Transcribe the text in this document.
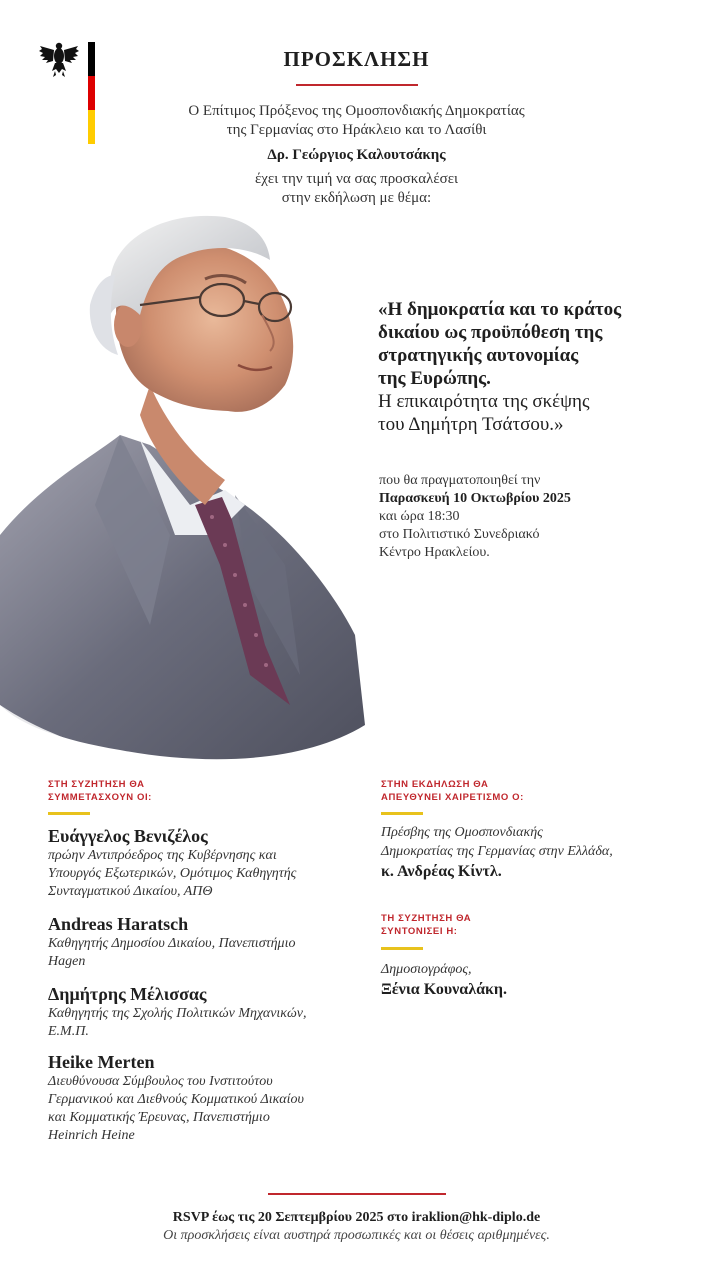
ΠΡΟΣΚΛΗΣΗ
Ο Επίτιμος Πρόξενος της Ομοσπονδιακής Δημοκρατίας
της Γερμανίας στο Ηράκλειο και το Λασίθι
Δρ. Γεώργιος Καλουτσάκης
έχει την τιμή να σας προσκαλέσει
στην εκδήλωση με θέμα:
«Η δημοκρατία και το κράτος
δικαίου ως προϋπόθεση της
στρατηγικής αυτονομίας
της Ευρώπης.
Η επικαιρότητα της σκέψης
του Δημήτρη Τσάτσου.»
που θα πραγματοποιηθεί την
Παρασκευή 10 Οκτωβρίου 2025
και ώρα 18:30
στο Πολιτιστικό Συνεδριακό
Κέντρο Ηρακλείου.
ΣΤΗ ΣΥΖΗΤΗΣΗ ΘΑ
ΣΥΜΜΕΤΑΣΧΟΥΝ ΟΙ:
Ευάγγελος Βενιζέλος
πρώην Αντιπρόεδρος της Κυβέρνησης και
Υπουργός Εξωτερικών, Ομότιμος Καθηγητής
Συνταγματικού Δικαίου, ΑΠΘ
Andreas Haratsch
Καθηγητής Δημοσίου Δικαίου, Πανεπιστήμιο
Hagen
Δημήτρης Μέλισσας
Καθηγητής της Σχολής Πολιτικών Μηχανικών,
Ε.Μ.Π.
Heike Merten
Διευθύνουσα Σύμβουλος του Ινστιτούτου
Γερμανικού και Διεθνούς Κομματικού Δικαίου
και Κομματικής Έρευνας, Πανεπιστήμιο
Heinrich Heine
ΣΤΗΝ ΕΚΔΗΛΩΣΗ ΘΑ
ΑΠΕΥΘΥΝΕΙ ΧΑΙΡΕΤΙΣΜΟ Ο:
Πρέσβης της Ομοσπονδιακής
Δημοκρατίας της Γερμανίας στην Ελλάδα,
κ. Ανδρέας Κίντλ.
ΤΗ ΣΥΖΗΤΗΣΗ ΘΑ
ΣΥΝΤΟΝΙΣΕΙ Η:
Δημοσιογράφος,
Ξένια Κουναλάκη.
RSVP έως τις 20 Σεπτεμβρίου 2025 στο iraklion@hk-diplo.de
Οι προσκλήσεις είναι αυστηρά προσωπικές και οι θέσεις αριθμημένες.
